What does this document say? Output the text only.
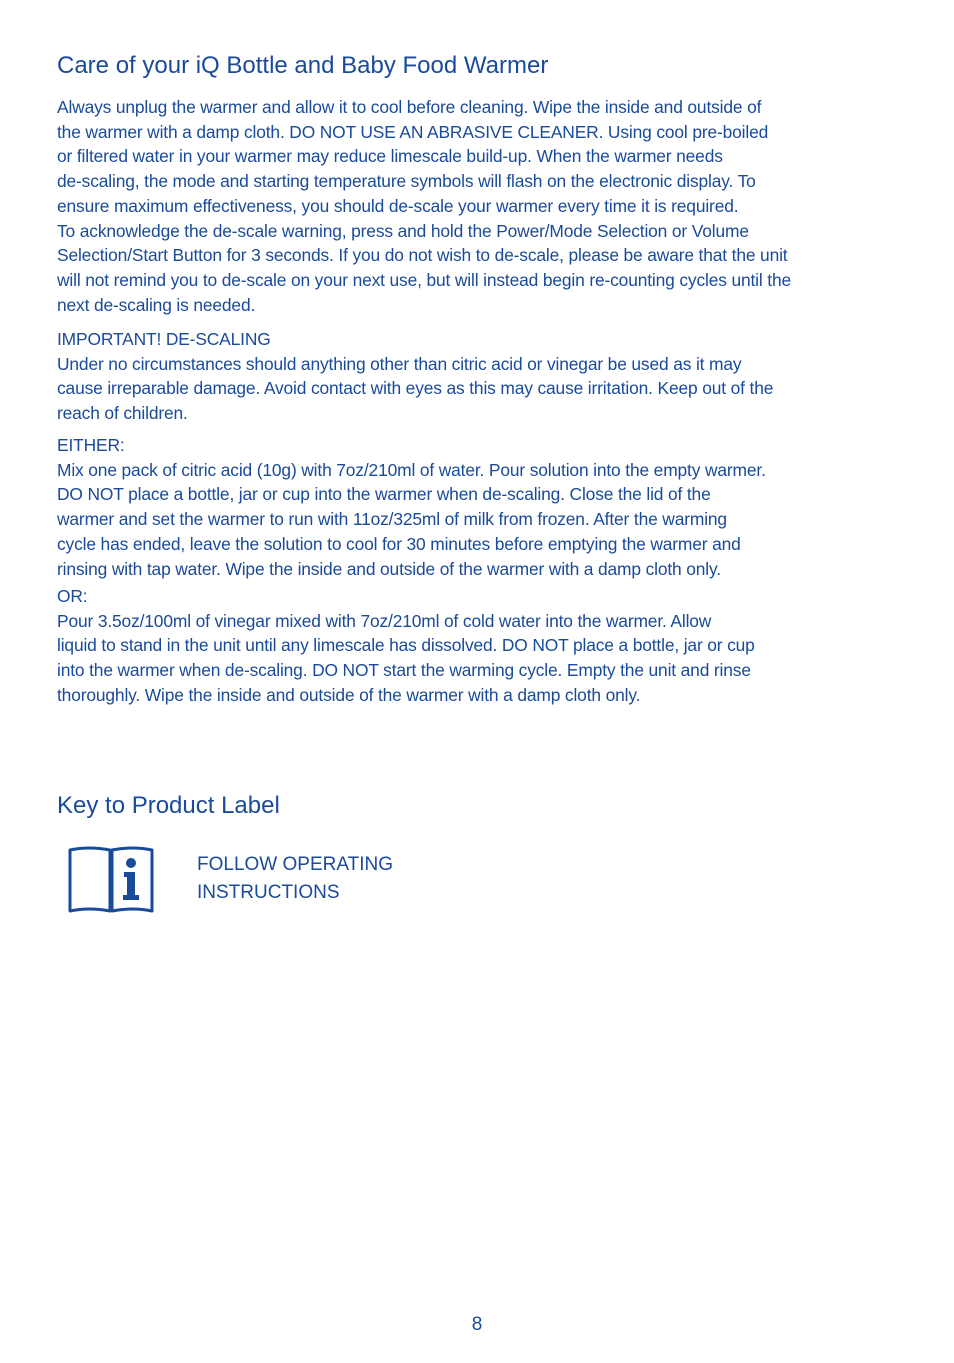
Care of your iQ Bottle and Baby Food Warmer

Always unplug the warmer and allow it to cool before cleaning. Wipe the inside and outside of
the warmer with a damp cloth. DO NOT USE AN ABRASIVE CLEANER. Using cool pre-boiled
or filtered water in your warmer may reduce limescale build-up. When the warmer needs
de-scaling, the mode and starting temperature symbols will flash on the electronic display. To
ensure maximum effectiveness, you should de-scale your warmer every time it is required.
To acknowledge the de-scale warning, press and hold the Power/Mode Selection or Volume
Selection/Start Button for 3 seconds. If you do not wish to de-scale, please be aware that the unit
will not remind you to de-scale on your next use, but will instead begin re-counting cycles until the
next de-scaling is needed.

IMPORTANT! DE-SCALING
Under no circumstances should anything other than citric acid or vinegar be used as it may
cause irreparable damage. Avoid contact with eyes as this may cause irritation. Keep out of the
reach of children.

EITHER:
Mix one pack of citric acid (10g) with 7oz/210ml of water. Pour solution into the empty warmer.
DO NOT place a bottle, jar or cup into the warmer when de-scaling. Close the lid of the
warmer and set the warmer to run with 11oz/325ml of milk from frozen. After the warming
cycle has ended, leave the solution to cool for 30 minutes before emptying the warmer and
rinsing with tap water. Wipe the inside and outside of the warmer with a damp cloth only.

OR:
Pour 3.5oz/100ml of vinegar mixed with 7oz/210ml of cold water into the warmer. Allow
liquid to stand in the unit until any limescale has dissolved. DO NOT place a bottle, jar or cup
into the warmer when de-scaling. DO NOT start the warming cycle. Empty the unit and rinse
thoroughly. Wipe the inside and outside of the warmer with a damp cloth only.

Key to Product Label
FOLLOW OPERATING
INSTRUCTIONS
8
